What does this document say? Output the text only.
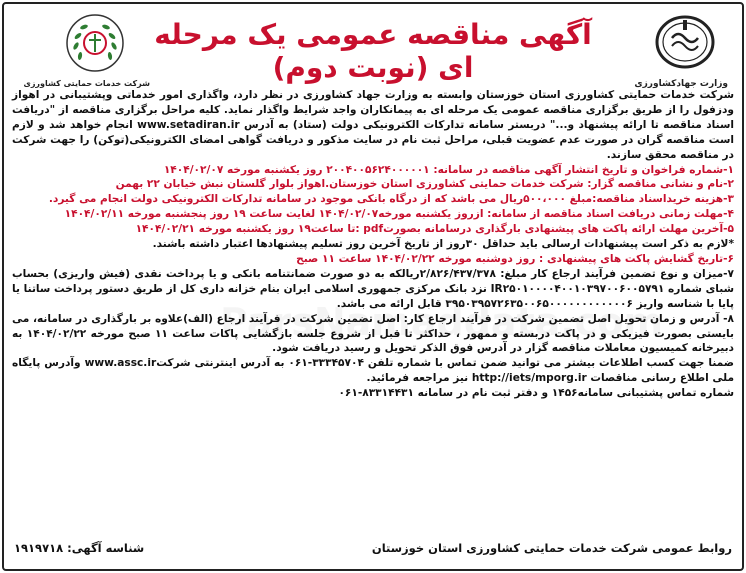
وزارت جهادکشاورزی
آگهی مناقصه عمومی یک مرحله ای (نوبت دوم)
شرکت خدمات حمایتی کشاورزی

شرکت خدمات حمایتی کشاورزی استان خوزستان وابسته به وزارت جهاد کشاورزی در نظر دارد، واگذاری امور خدماتی وپشتیبانی در اهواز ودزفول را از طریق برگزاری مناقصه عمومی یک مرحله ای به پیمانکاران واجد شرایط واگذار نماید. کلیه مراحل برگزاری مناقصه از "دریافت اسناد مناقصه تا ارائه پیشنهاد و..." دربستر سامانه تدارکات الکترونیکی دولت (ستاد) به آدرس www.setadiran.ir انجام خواهد شد و لازم است مناقصه گران در صورت عدم عضویت قبلی، مراحل ثبت نام در سایت مذکور و دریافت گواهی امضای الکترونیکی(توکن) را جهت شرکت در مناقصه محقق سازند.

۱-شماره فراخوان و تاریخ انتشار آگهی مناقصه در سامانه: ۲۰۰۴۰۰۵۶۲۴۰۰۰۰۰۱ روز یکشنبه مورخه ۱۴۰۴/۰۲/۰۷

۲-نام و نشانی مناقصه گزار: شرکت خدمات حمایتی کشاورزی استان خوزستان.اهواز بلوار گلستان نبش خیابان ۲۲ بهمن

۳-هزینه خریداسناد مناقصه:مبلغ ۵۰۰،۰۰۰ریال می باشد که از درگاه بانکی موجود در سامانه تدارکات الکترونیکی دولت انجام می گیرد.

۴-مهلت زمانی دریافت اسناد مناقصه از سامانه: ازروز یکشنبه مورخه۱۴۰۴/۰۲/۰۷ لغایت ساعت ۱۹ روز پنجشنبه مورخه ۱۴۰۴/۰۲/۱۱

۵-آخرین مهلت ارائه پاکت های پیشنهادی بارگذاری درسامانه بصورتpdf :تا ساعت۱۹ روز یکشنبه مورخه ۱۴۰۴/۰۲/۲۱

*لازم به ذکر است پیشنهادات ارسالی باید حداقل ۳۰روز از تاریخ آخرین روز تسلیم پیشنهادها اعتبار داشته باشند.

۶-تاریخ گشایش پاکت های پیشنهادی : روز دوشنبه مورخه ۱۴۰۴/۰۲/۲۲ ساعت ۱۱ صبح

۷-میزان و نوع تضمین فرآیند ارجاع کار مبلغ: ۲/۸۲۶/۴۳۷/۳۷۸ریالکه به دو صورت ضمانتنامه بانکی و یا پرداخت نقدی (فیش واریزی) بحساب شبای شماره IR۲۵۰۱۰۰۰۰۴۰۰۱۰۳۹۷۰۰۶۰۰۵۷۹۱ نزد بانک مرکزی جمهوری اسلامی ایران بنام خزانه داری کل از طریق دستور پرداخت ساتنا یا پایا با شناسه واریز ۳۹۵۰۳۹۵۷۲۶۳۵۰۰۶۵۰۰۰۰۰۰۰۰۰۰۰۰۶ قابل ارائه می باشد.

۸- آدرس و زمان تحویل اصل تضمین شرکت در فرآیند ارجاع کار: اصل تضمین شرکت در فرآیند ارجاع (الف)علاوه بر بارگذاری در سامانه، می بایستی بصورت فیزیکی و در پاکت دربسته و ممهور ، حداکثر تا قبل از شروع جلسه بازگشایی پاکات ساعت ۱۱ صبح مورخه ۱۴۰۴/۰۲/۲۲ به دبیرخانه کمیسیون معاملات مناقصه گزار در آدرس فوق الذکر تحویل و رسید دریافت شود.

ضمنا جهت کسب اطلاعات بیشتر می توانید ضمن تماس با شماره تلفن ۳۳۳۴۵۷۰۴-۰۶۱ به آدرس اینترنتی شرکتwww.assc.ir وآدرس پایگاه ملی اطلاع رسانی مناقصات http://iets/mporg.ir نیز مراجعه فرمائید.

شماره تماس پشتیبانی سامانه۱۴۵۶ و دفتر ثبت نام در سامانه ۸۳۳۱۴۴۳۱-۰۶۱

روابط عمومی شرکت خدمات حمایتی کشاورزی استان خوزستان
شناسه آگهی: ۱۹۱۹۷۱۸
